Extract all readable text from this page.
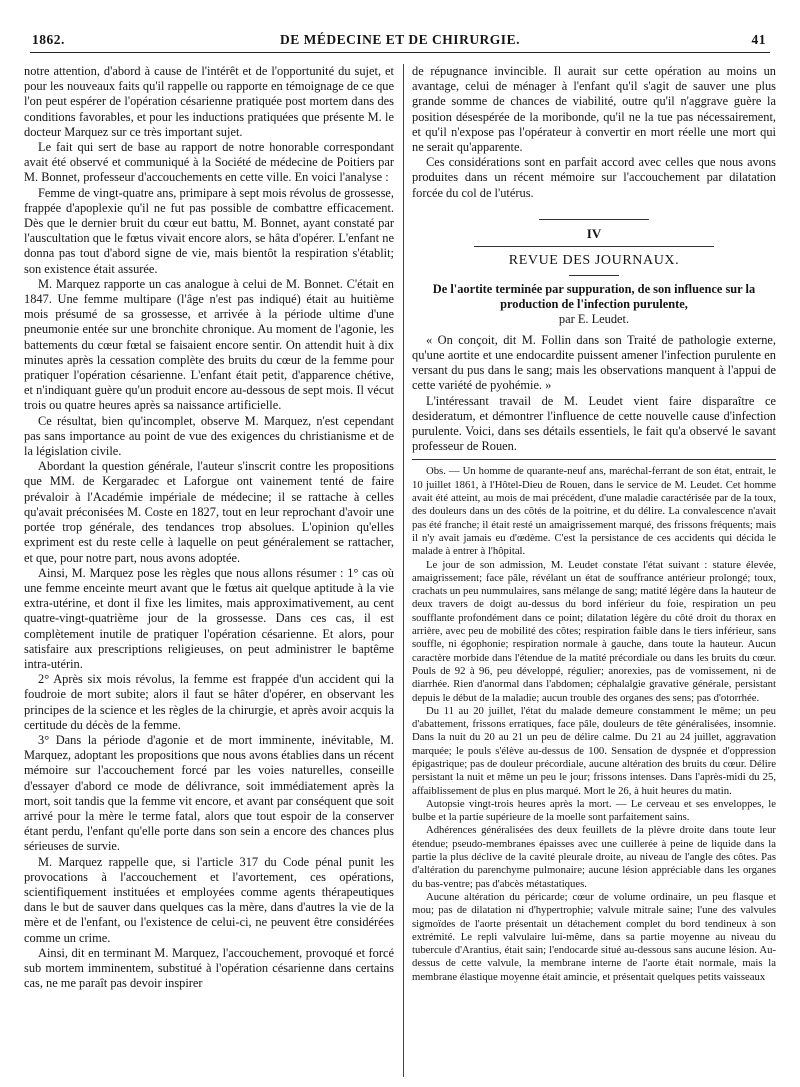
1862.	DE MÉDECINE ET DE CHIRURGIE.	41

notre attention, d'abord à cause de l'intérêt et de l'opportunité du sujet, et pour les nouveaux faits qu'il rappelle ou rapporte en témoignage de ce que l'on peut espérer de l'opération césarienne pratiquée post mortem dans des conditions favorables, et pour les inductions pratiquées que présente M. le docteur Marquez sur ce très important sujet.

Le fait qui sert de base au rapport de notre honorable correspondant avait été observé et communiqué à la Société de médecine de Poitiers par M. Bonnet, professeur d'accouchements en cette ville. En voici l'analyse :

Femme de vingt-quatre ans, primipare à sept mois révolus de grossesse, frappée d'apoplexie qu'il ne fut pas possible de combattre efficacement. Dès que le dernier bruit du cœur eut battu, M. Bonnet, ayant constaté par l'auscultation que le fœtus vivait encore alors, se hâta d'opérer. L'enfant ne donna pas tout d'abord signe de vie, mais bientôt la respiration s'établit; son existence était assurée.

M. Marquez rapporte un cas analogue à celui de M. Bonnet. C'était en 1847. Une femme multipare (l'âge n'est pas indiqué) était au huitième mois présumé de sa grossesse, et arrivée à la période ultime d'une pneumonie entée sur une bronchite chronique. Au moment de l'agonie, les battements du cœur fœtal se faisaient encore sentir. On attendit huit à dix minutes après la cessation complète des bruits du cœur de la femme pour pratiquer l'opération césarienne. L'enfant était petit, d'apparence chétive, et n'indiquant guère qu'un produit encore au-dessous de sept mois. Il vécut trois ou quatre heures après sa naissance artificielle.

Ce résultat, bien qu'incomplet, observe M. Marquez, n'est cependant pas sans importance au point de vue des exigences du christianisme et de la législation civile.

Abordant la question générale, l'auteur s'inscrit contre les propositions que MM. de Kergaradec et Laforgue ont vainement tenté de faire prévaloir à l'Académie impériale de médecine; il se rattache à celles qu'avait préconisées M. Coste en 1827, tout en leur reprochant d'avoir une portée trop générale, des tendances trop absolues. L'opinion qu'elles expriment est du reste celle à laquelle on peut généralement se rattacher, et que, pour notre part, nous avons adoptée.

Ainsi, M. Marquez pose les règles que nous allons résumer : 1° cas où une femme enceinte meurt avant que le fœtus ait quelque aptitude à la vie extra-utérine, et dont il fixe les limites, mais approximativement, au cent quatre-vingt-quatrième jour de la grossesse. Dans ces cas, il est complètement inutile de pratiquer l'opération césarienne. Et alors, pour satisfaire aux prescriptions religieuses, on peut administrer le baptême intra-utérin.

2° Après six mois révolus, la femme est frappée d'un accident qui la foudroie de mort subite; alors il faut se hâter d'opérer, en observant les principes de la science et les règles de la chirurgie, et après avoir acquis la certitude du décès de la femme.

3° Dans la période d'agonie et de mort imminente, inévitable, M. Marquez, adoptant les propositions que nous avons établies dans un récent mémoire sur l'accouchement forcé par les voies naturelles, conseille d'essayer d'abord ce mode de délivrance, soit immédiatement après la mort, soit tandis que la femme vit encore, et avant par conséquent que soit arrivé pour la mère le terme fatal, alors que tout espoir de la conserver étant perdu, l'enfant qu'elle porte dans son sein a encore des chances plus sérieuses de survie.

M. Marquez rappelle que, si l'article 317 du Code pénal punit les provocations à l'accouchement et l'avortement, ces opérations, scientifiquement instituées et employées comme agents thérapeutiques dans le but de sauver dans quelques cas la mère, dans d'autres la vie de la mère et de l'enfant, ou l'existence de celui-ci, ne peuvent être considérées comme un crime.

Ainsi, dit en terminant M. Marquez, l'accouchement, provoqué et forcé sub mortem imminentem, substitué à l'opération césarienne dans certains cas, ne me paraît pas devoir inspirer

de répugnance invincible. Il aurait sur cette opération au moins un avantage, celui de ménager à l'enfant qu'il s'agit de sauver une plus grande somme de chances de viabilité, outre qu'il n'aggrave guère la position désespérée de la moribonde, qu'il ne la tue pas nécessairement, et qu'il n'expose pas l'opérateur à convertir en mort réelle une mort qui ne serait qu'apparente.

Ces considérations sont en parfait accord avec celles que nous avons produites dans un récent mémoire sur l'accouchement par dilatation forcée du col de l'utérus.

IV

REVUE DES JOURNAUX.

De l'aortite terminée par suppuration, de son influence sur la production de l'infection purulente,

par E. Leudet.

« On conçoit, dit M. Follin dans son Traité de pathologie externe, qu'une aortite et une endocardite puissent amener l'infection purulente en versant du pus dans le sang; mais les observations manquent à l'appui de cette variété de pyohémie. »

L'intéressant travail de M. Leudet vient faire disparaître ce desideratum, et démontrer l'influence de cette nouvelle cause d'infection purulente. Voici, dans ses détails essentiels, le fait qu'a observé le savant professeur de Rouen.

Obs. — Un homme de quarante-neuf ans, maréchal-ferrant de son état, entrait, le 10 juillet 1861, à l'Hôtel-Dieu de Rouen, dans le service de M. Leudet. Cet homme avait été atteint, au mois de mai précédent, d'une maladie caractérisée par de la toux, des douleurs dans un des côtés de la poitrine, et du délire. La convalescence n'avait pas été franche; il était resté un amaigrissement marqué, des frissons fréquents; mais il n'y avait jamais eu d'œdème. C'est la persistance de ces accidents qui décida le malade à entrer à l'hôpital.

Le jour de son admission, M. Leudet constate l'état suivant : stature élevée, amaigrissement; face pâle, révélant un état de souffrance antérieur prolongé; toux, crachats un peu nummulaires, sans mélange de sang; matité légère dans la hauteur de deux travers de doigt au-dessus du bord inférieur du foie, respiration un peu soufflante profondément dans ce point; dilatation légère du côté droit du thorax en arrière, avec peu de mobilité des côtes; respiration faible dans le tiers inférieur, sans souffle, ni égophonie; respiration normale à gauche, dans toute la hauteur. Aucun caractère morbide dans l'étendue de la matité précordiale ou dans les bruits du cœur. Pouls de 92 à 96, peu développé, régulier; anorexies, pas de vomissement, ni de diarrhée. Rien d'anormal dans l'abdomen; céphalalgie gravative générale, persistant depuis le début de la maladie; aucun trouble des organes des sens; pas d'otorrhée.

Du 11 au 20 juillet, l'état du malade demeure constamment le même; un peu d'abattement, frissons erratiques, face pâle, douleurs de tête généralisées, insomnie. Dans la nuit du 20 au 21 un peu de délire calme. Du 21 au 24 juillet, aggravation marquée; le pouls s'élève au-dessus de 100. Sensation de dyspnée et d'oppression épigastrique; pas de douleur précordiale, aucune altération des bruits du cœur. Délire persistant la nuit et même un peu le jour; frissons intenses. Dans l'après-midi du 25, affaiblissement de plus en plus marqué. Mort le 26, à huit heures du matin.

Autopsie vingt-trois heures après la mort. — Le cerveau et ses enveloppes, le bulbe et la partie supérieure de la moelle sont parfaitement sains.

Adhérences généralisées des deux feuillets de la plèvre droite dans toute leur étendue; pseudo-membranes épaisses avec une cuillerée à peine de liquide dans la partie la plus déclive de la cavité pleurale droite, au niveau de l'angle des côtes. Pas d'altération du parenchyme pulmonaire; aucune lésion appréciable dans les organes du bas-ventre; pas d'abcès métastatiques.

Aucune altération du péricarde; cœur de volume ordinaire, un peu flasque et mou; pas de dilatation ni d'hypertrophie; valvule mitrale saine; l'une des valvules sigmoïdes de l'aorte présentait un détachement complet du bord tendineux à son extrémité. Le repli valvulaire lui-même, dans sa partie moyenne au niveau du tubercule d'Arantius, était sain; l'endocarde situé au-dessous sans aucune lésion. Au-dessus de cette valvule, la membrane interne de l'aorte était normale, mais la membrane élastique moyenne était amincie, et présentait quelques petits vaisseaux
